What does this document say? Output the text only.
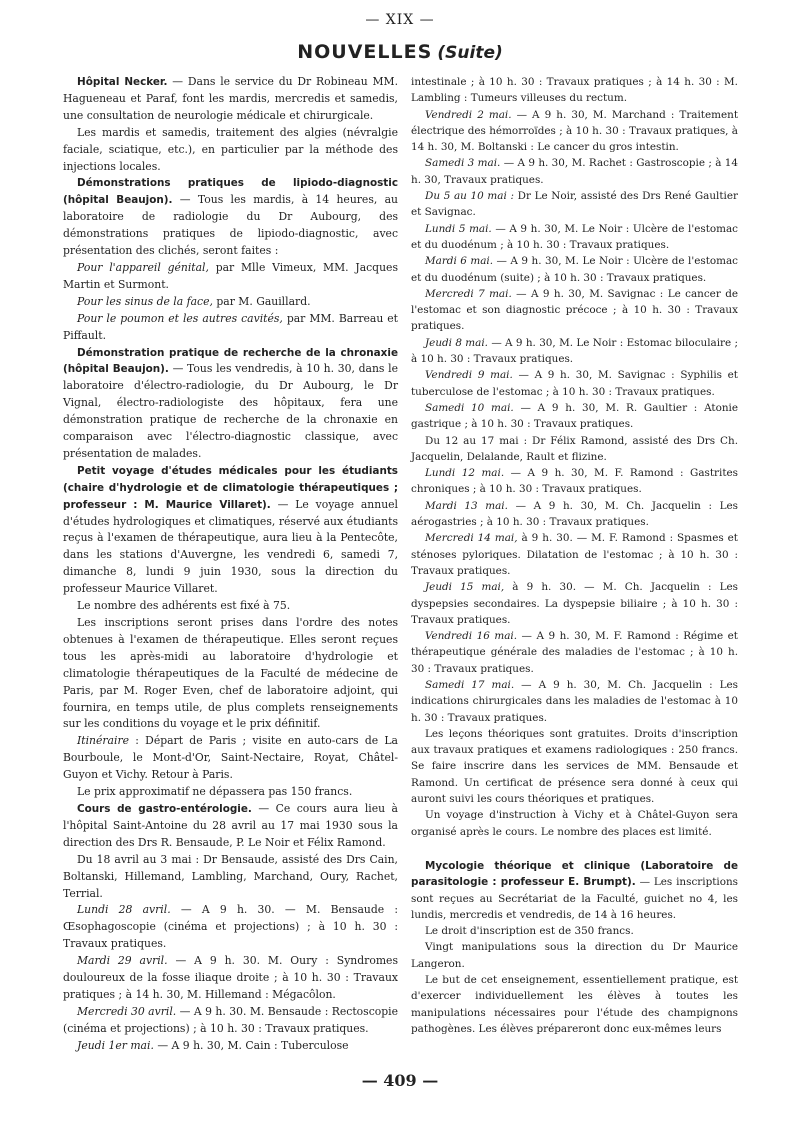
— XIX —
NOUVELLES (Suite)

Hôpital Necker. — Dans le service du Dr Robineau MM. Hagueneau et Paraf, font les mardis, mercredis et samedis, une consultation de neurologie médicale et chirurgicale.

Les mardis et samedis, traitement des algies (névralgie faciale, sciatique, etc.), en particulier par la méthode des injections locales.

Démonstrations pratiques de lipiodo-diagnostic (hôpital Beaujon). — Tous les mardis, à 14 heures, au laboratoire de radiologie du Dr Aubourg, des démonstrations pratiques de lipiodo-diagnostic, avec présentation des clichés, seront faites :

Pour l'appareil génital, par Mlle Vimeux, MM. Jacques Martin et Surmont.

Pour les sinus de la face, par M. Gauillard.

Pour le poumon et les autres cavités, par MM. Barreau et Piffault.

Démonstration pratique de recherche de la chronaxie (hôpital Beaujon). — Tous les vendredis, à 10 h. 30, dans le laboratoire d'électro-radiologie, du Dr Aubourg, le Dr Vignal, électro-radiologiste des hôpitaux, fera une démonstration pratique de recherche de la chronaxie en comparaison avec l'électro-diagnostic classique, avec présentation de malades.

Petit voyage d'études médicales pour les étudiants (chaire d'hydrologie et de climatologie thérapeutiques ; professeur : M. Maurice Villaret). — Le voyage annuel d'études hydrologiques et climatiques, réservé aux étudiants reçus à l'examen de thérapeutique, aura lieu à la Pentecôte, dans les stations d'Auvergne, les vendredi 6, samedi 7, dimanche 8, lundi 9 juin 1930, sous la direction du professeur Maurice Villaret.

Le nombre des adhérents est fixé à 75.

Les inscriptions seront prises dans l'ordre des notes obtenues à l'examen de thérapeutique. Elles seront reçues tous les après-midi au laboratoire d'hydrologie et climatologie thérapeutiques de la Faculté de médecine de Paris, par M. Roger Even, chef de laboratoire adjoint, qui fournira, en temps utile, de plus complets renseignements sur les conditions du voyage et le prix définitif.

Itinéraire : Départ de Paris ; visite en auto-cars de La Bourboule, le Mont-d'Or, Saint-Nectaire, Royat, Châtel-Guyon et Vichy. Retour à Paris.

Le prix approximatif ne dépassera pas 150 francs.

Cours de gastro-entérologie. — Ce cours aura lieu à l'hôpital Saint-Antoine du 28 avril au 17 mai 1930 sous la direction des Drs R. Bensaude, P. Le Noir et Félix Ramond.

Du 18 avril au 3 mai : Dr Bensaude, assisté des Drs Cain, Boltanski, Hillemand, Lambling, Marchand, Oury, Rachet, Terrial.

Lundi 28 avril. — A 9 h. 30. — M. Bensaude : Œsophagoscopie (cinéma et projections) ; à 10 h. 30 : Travaux pratiques.

Mardi 29 avril. — A 9 h. 30. M. Oury : Syndromes douloureux de la fosse iliaque droite ; à 10 h. 30 : Travaux pratiques ; à 14 h. 30, M. Hillemand : Mégacôlon.

Mercredi 30 avril. — A 9 h. 30. M. Bensaude : Rectoscopie (cinéma et projections) ; à 10 h. 30 : Travaux pratiques.

Jeudi 1er mai. — A 9 h. 30, M. Cain : Tuberculose

intestinale ; à 10 h. 30 : Travaux pratiques ; à 14 h. 30 : M. Lambling : Tumeurs villeuses du rectum.

Vendredi 2 mai. — A 9 h. 30, M. Marchand : Traitement électrique des hémorroïdes ; à 10 h. 30 : Travaux pratiques, à 14 h. 30, M. Boltanski : Le cancer du gros intestin.

Samedi 3 mai. — A 9 h. 30, M. Rachet : Gastroscopie ; à 14 h. 30, Travaux pratiques.

Du 5 au 10 mai : Dr Le Noir, assisté des Drs René Gaultier et Savignac.

Lundi 5 mai. — A 9 h. 30, M. Le Noir : Ulcère de l'estomac et du duodénum ; à 10 h. 30 : Travaux pratiques.

Mardi 6 mai. — A 9 h. 30, M. Le Noir : Ulcère de l'estomac et du duodénum (suite) ; à 10 h. 30 : Travaux pratiques.

Mercredi 7 mai. — A 9 h. 30, M. Savignac : Le cancer de l'estomac et son diagnostic précoce ; à 10 h. 30 : Travaux pratiques.

Jeudi 8 mai. — A 9 h. 30, M. Le Noir : Estomac biloculaire ; à 10 h. 30 : Travaux pratiques.

Vendredi 9 mai. — A 9 h. 30, M. Savignac : Syphilis et tuberculose de l'estomac ; à 10 h. 30 : Travaux pratiques.

Samedi 10 mai. — A 9 h. 30, M. R. Gaultier : Atonie gastrique ; à 10 h. 30 : Travaux pratiques.

Du 12 au 17 mai : Dr Félix Ramond, assisté des Drs Ch. Jacquelin, Delalande, Rault et flizine.

Lundi 12 mai. — A 9 h. 30, M. F. Ramond : Gastrites chroniques ; à 10 h. 30 : Travaux pratiques.

Mardi 13 mai. — A 9 h. 30, M. Ch. Jacquelin : Les aérogastries ; à 10 h. 30 : Travaux pratiques.

Mercredi 14 mai, à 9 h. 30. — M. F. Ramond : Spasmes et sténoses pyloriques. Dilatation de l'estomac ; à 10 h. 30 : Travaux pratiques.

Jeudi 15 mai, à 9 h. 30. — M. Ch. Jacquelin : Les dyspepsies secondaires. La dyspepsie biliaire ; à 10 h. 30 : Travaux pratiques.

Vendredi 16 mai. — A 9 h. 30, M. F. Ramond : Régime et thérapeutique générale des maladies de l'estomac ; à 10 h. 30 : Travaux pratiques.

Samedi 17 mai. — A 9 h. 30, M. Ch. Jacquelin : Les indications chirurgicales dans les maladies de l'estomac à 10 h. 30 : Travaux pratiques.

Les leçons théoriques sont gratuites. Droits d'inscription aux travaux pratiques et examens radiologiques : 250 francs. Se faire inscrire dans les services de MM. Bensaude et Ramond. Un certificat de présence sera donné à ceux qui auront suivi les cours théoriques et pratiques.

Un voyage d'instruction à Vichy et à Châtel-Guyon sera organisé après le cours. Le nombre des places est limité.

Mycologie théorique et clinique (Laboratoire de parasitologie : professeur E. Brumpt). — Les inscriptions sont reçues au Secrétariat de la Faculté, guichet no 4, les lundis, mercredis et vendredis, de 14 à 16 heures.

Le droit d'inscription est de 350 francs.

Vingt manipulations sous la direction du Dr Maurice Langeron.

Le but de cet enseignement, essentiellement pratique, est d'exercer individuellement les élèves à toutes les manipulations nécessaires pour l'étude des champignons pathogènes. Les élèves prépareront donc eux-mêmes leurs

— 409 —
